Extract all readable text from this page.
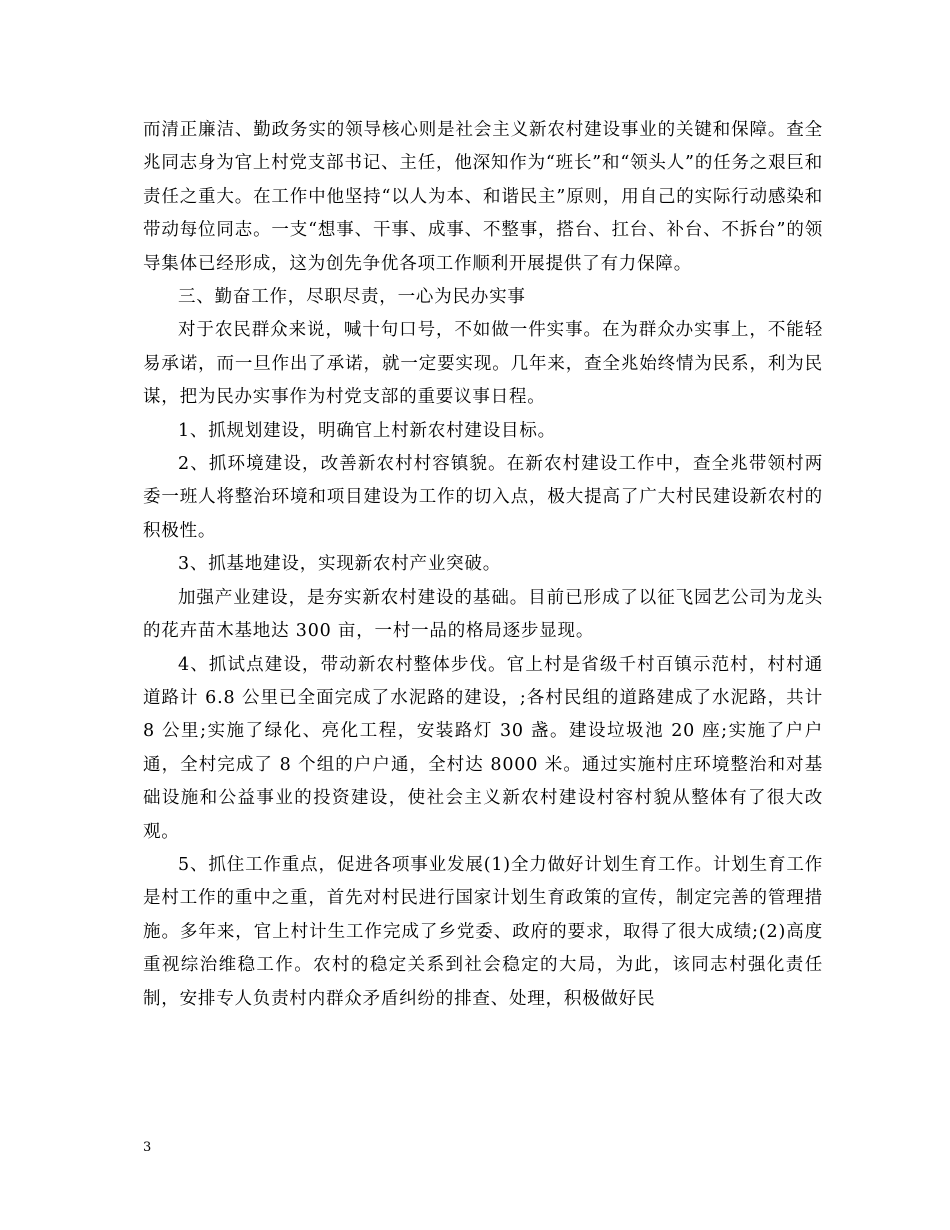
而清正廉洁、勤政务实的领导核心则是社会主义新农村建设事业的关键和保障。查全兆同志身为官上村党支部书记、主任，他深知作为“班长”和“领头人”的任务之艰巨和责任之重大。在工作中他坚持“以人为本、和谐民主”原则，用自己的实际行动感染和带动每位同志。一支“想事、干事、成事、不整事，搭台、扛台、补台、不拆台”的领导集体已经形成，这为创先争优各项工作顺利开展提供了有力保障。

三、勤奋工作，尽职尽责，一心为民办实事

对于农民群众来说，喊十句口号，不如做一件实事。在为群众办实事上，不能轻易承诺，而一旦作出了承诺，就一定要实现。几年来，查全兆始终情为民系，利为民谋，把为民办实事作为村党支部的重要议事日程。

1、抓规划建设，明确官上村新农村建设目标。

2、抓环境建设，改善新农村村容镇貌。在新农村建设工作中，查全兆带领村两委一班人将整治环境和项目建设为工作的切入点，极大提高了广大村民建设新农村的积极性。

3、抓基地建设，实现新农村产业突破。

加强产业建设，是夯实新农村建设的基础。目前已形成了以征飞园艺公司为龙头的花卉苗木基地达 300 亩，一村一品的格局逐步显现。

4、抓试点建设，带动新农村整体步伐。官上村是省级千村百镇示范村，村村通道路计 6.8 公里已全面完成了水泥路的建设，;各村民组的道路建成了水泥路，共计 8 公里;实施了绿化、亮化工程，安装路灯 30 盏。建设垃圾池 20 座;实施了户户通，全村完成了 8 个组的户户通，全村达 8000 米。通过实施村庄环境整治和对基础设施和公益事业的投资建设，使社会主义新农村建设村容村貌从整体有了很大改观。

5、抓住工作重点，促进各项事业发展(1)全力做好计划生育工作。计划生育工作是村工作的重中之重，首先对村民进行国家计划生育政策的宣传，制定完善的管理措施。多年来，官上村计生工作完成了乡党委、政府的要求，取得了很大成绩;(2)高度重视综治维稳工作。农村的稳定关系到社会稳定的大局，为此，该同志村强化责任制，安排专人负责村内群众矛盾纠纷的排查、处理，积极做好民

3
